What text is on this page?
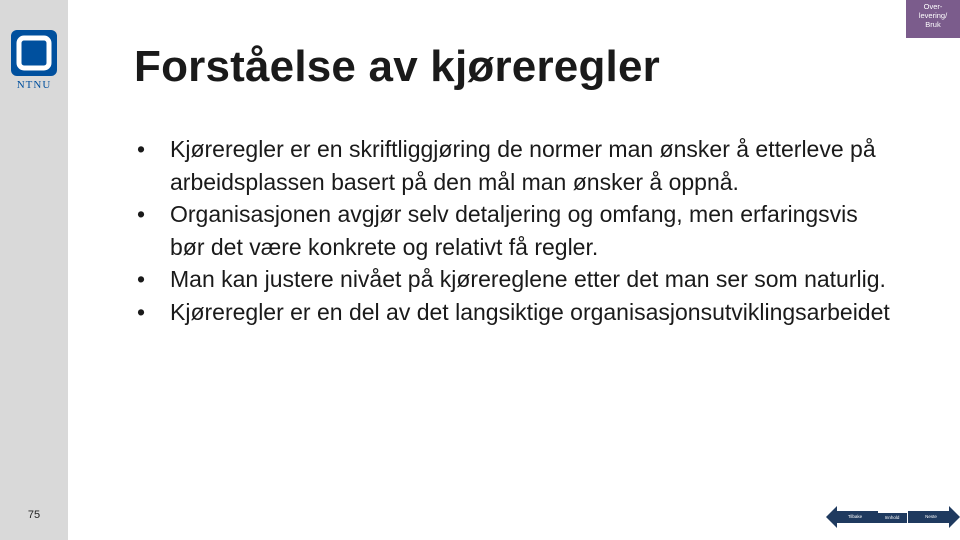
NTNU
75
Over-
levering/
Bruk
Forståelse av kjøreregler
• Kjøreregler er en skriftliggjøring de normer man ønsker å etterleve på arbeidsplassen basert på den mål man ønsker å oppnå.
• Organisasjonen avgjør selv detaljering og omfang, men erfaringsvis bør det være konkrete og relativt få regler.
• Man kan justere nivået på kjørereglene etter det man ser som naturlig.
• Kjøreregler er en del av det langsiktige organisasjonsutviklingsarbeidet
Tilbake	Innhold	Neste
